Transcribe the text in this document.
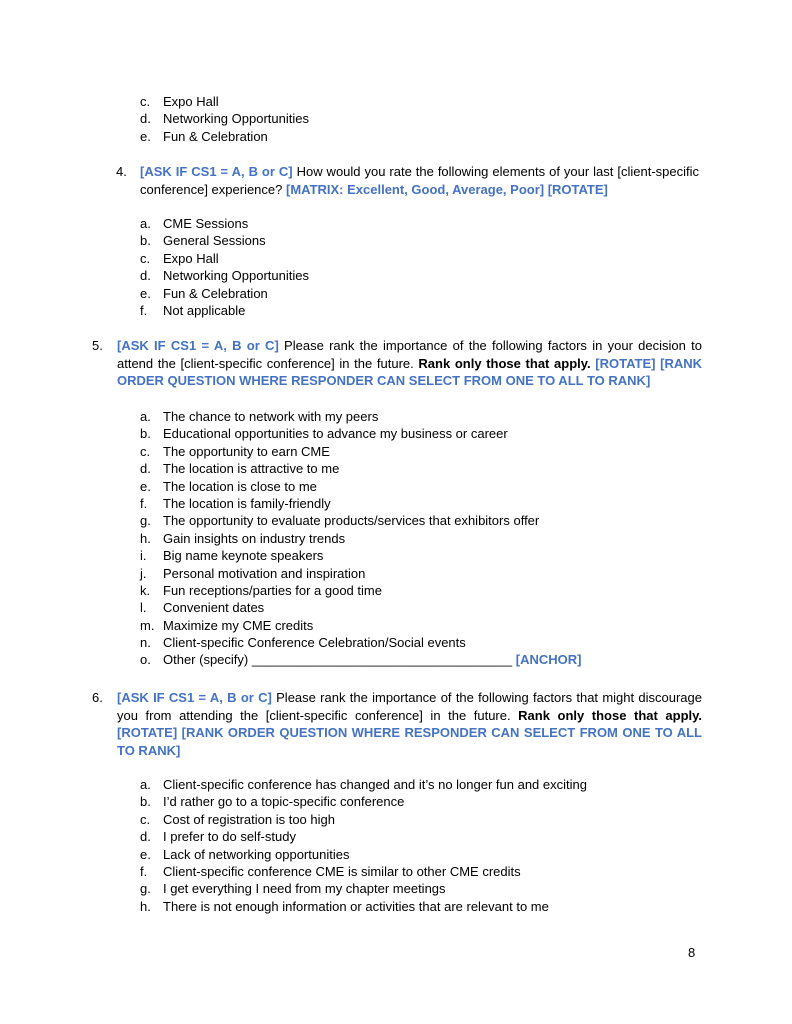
c. Expo Hall
d. Networking Opportunities
e. Fun & Celebration
4.	[ASK IF CS1 = A, B or C] How would you rate the following elements of your last [client-specific conference] experience? [MATRIX: Excellent, Good, Average, Poor] [ROTATE]
a. CME Sessions
b. General Sessions
c. Expo Hall
d. Networking Opportunities
e. Fun & Celebration
f. Not applicable
5.	[ASK IF CS1 = A, B or C] Please rank the importance of the following factors in your decision to attend the [client-specific conference] in the future. Rank only those that apply. [ROTATE] [RANK ORDER QUESTION WHERE RESPONDER CAN SELECT FROM ONE TO ALL TO RANK]
a. The chance to network with my peers
b. Educational opportunities to advance my business or career
c. The opportunity to earn CME
d. The location is attractive to me
e. The location is close to me
f. The location is family-friendly
g. The opportunity to evaluate products/services that exhibitors offer
h. Gain insights on industry trends
i. Big name keynote speakers
j. Personal motivation and inspiration
k. Fun receptions/parties for a good time
l. Convenient dates
m. Maximize my CME credits
n. Client-specific Conference Celebration/Social events
o. Other (specify) ____________________________________ [ANCHOR]
6.	[ASK IF CS1 = A, B or C] Please rank the importance of the following factors that might discourage you from attending the [client-specific conference] in the future. Rank only those that apply. [ROTATE] [RANK ORDER QUESTION WHERE RESPONDER CAN SELECT FROM ONE TO ALL TO RANK]
a. Client-specific conference has changed and it’s no longer fun and exciting
b. I’d rather go to a topic-specific conference
c. Cost of registration is too high
d. I prefer to do self-study
e. Lack of networking opportunities
f. Client-specific conference CME is similar to other CME credits
g. I get everything I need from my chapter meetings
h. There is not enough information or activities that are relevant to me
8
